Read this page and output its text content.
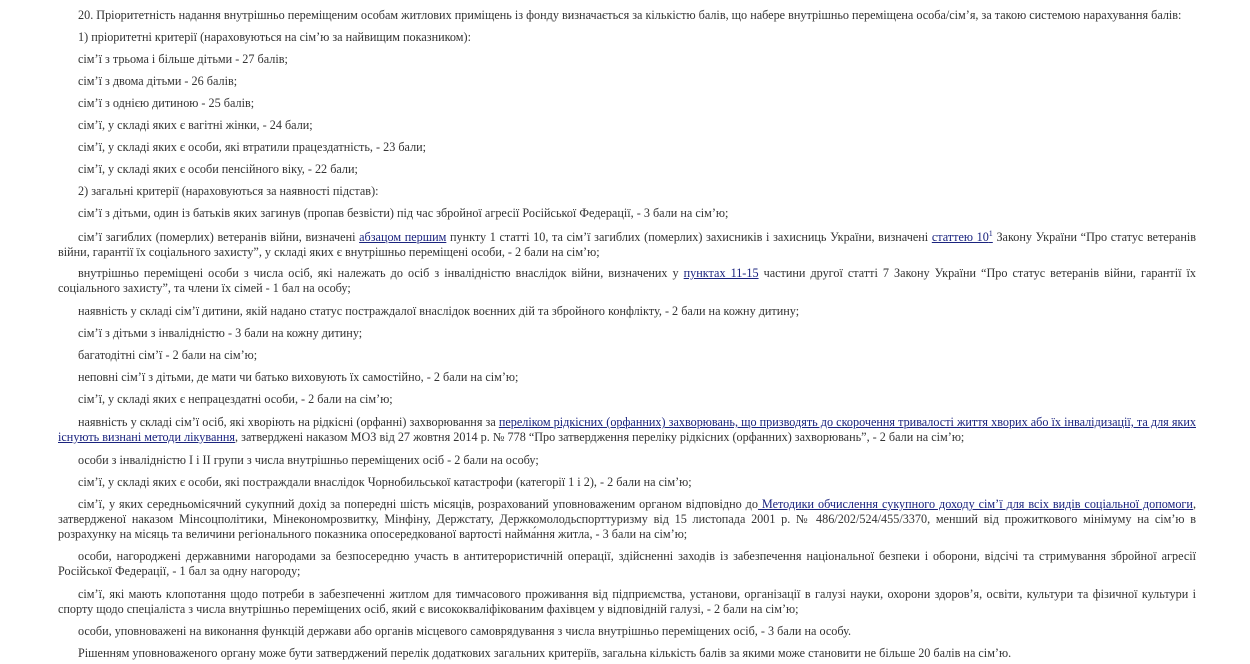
20. Пріоритетність надання внутрішньо переміщеним особам житлових приміщень із фонду визначається за кількістю балів, що набере внутрішньо переміщена особа/сім’я, за такою системою нарахування балів:

1) пріоритетні критерії (нараховуються на сім’ю за найвищим показником):

сім’ї з трьома і більше дітьми - 27 балів;

сім’ї з двома дітьми - 26 балів;

сім’ї з однією дитиною - 25 балів;

сім’ї, у складі яких є вагітні жінки, - 24 бали;

сім’ї, у складі яких є особи, які втратили працездатність, - 23 бали;

сім’ї, у складі яких є особи пенсійного віку, - 22 бали;

2) загальні критерії (нараховуються за наявності підстав):

сім’ї з дітьми, один із батьків яких загинув (пропав безвісти) під час збройної агресії Російської Федерації, - 3 бали на сім’ю;

сім’ї загиблих (померлих) ветеранів війни, визначені абзацом першим пункту 1 статті 10, та сім’ї загиблих (померлих) захисників і захисниць України, визначені статтею $10^1$ Закону України “Про статус ветеранів війни, гарантії їх соціального захисту”, у складі яких є внутрішньо переміщені особи, - 2 бали на сім’ю;

внутрішньо переміщені особи з числа осіб, які належать до осіб з інвалідністю внаслідок війни, визначених у пунктах 11-15 частини другої статті 7 Закону України “Про статус ветеранів війни, гарантії їх соціального захисту”, та члени їх сімей - 1 бал на особу;

наявність у складі сім’ї дитини, якій надано статус постраждалої внаслідок воєнних дій та збройного конфлікту, - 2 бали на кожну дитину;

сім’ї з дітьми з інвалідністю - 3 бали на кожну дитину;

багатодітні сім’ї - 2 бали на сім’ю;

неповні сім’ї з дітьми, де мати чи батько виховують їх самостійно, - 2 бали на сім’ю;

сім’ї, у складі яких є непрацездатні особи, - 2 бали на сім’ю;

наявність у складі сім’ї осіб, які хворіють на рідкісні (орфанні) захворювання за переліком рідкісних (орфанних) захворювань, що призводять до скорочення тривалості життя хворих або їх інвалідизації, та для яких існують визнані методи лікування, затверджені наказом МОЗ від 27 жовтня 2014 р. № 778 “Про затвердження переліку рідкісних (орфанних) захворювань”, - 2 бали на сім’ю;

особи з інвалідністю I і II групи з числа внутрішньо переміщених осіб - 2 бали на особу;

сім’ї, у складі яких є особи, які постраждали внаслідок Чорнобильської катастрофи (категорії 1 і 2), - 2 бали на сім’ю;

сім’ї, у яких середньомісячний сукупний дохід за попередні шість місяців, розрахований уповноваженим органом відповідно до Методики обчислення сукупного доходу сім’ї для всіх видів соціальної допомоги, затвердженої наказом Мінсоцполітики, Мінекономрозвитку, Мінфіну, Держстату, Держкомолодьспорттуризму від 15 листопада 2001 р. № 486/202/524/455/3370, менший від прожиткового мінімуму на сім’ю в розрахунку на місяць та величини регіонального показника опосередкованої вартості найма́ння житла, - 3 бали на сім’ю;

особи, нагороджені державними нагородами за безпосередню участь в антитерористичній операції, здійсненні заходів із забезпечення національної безпеки і оборони, відсічі та стримування збройної агресії Російської Федерації, - 1 бал за одну нагороду;

сім’ї, які мають клопотання щодо потреби в забезпеченні житлом для тимчасового проживання від підприємства, установи, організації в галузі науки, охорони здоров’я, освіти, культури та фізичної культури і спорту щодо спеціаліста з числа внутрішньо переміщених осіб, який є висококваліфікованим фахівцем у відповідній галузі, - 2 бали на сім’ю;

особи, уповноважені на виконання функцій держави або органів місцевого самоврядування з числа внутрішньо переміщених осіб, - 3 бали на особу.

Рішенням уповноваженого органу може бути затверджений перелік додаткових загальних критеріїв, загальна кількість балів за якими може становити не більше 20 балів на сім’ю.
